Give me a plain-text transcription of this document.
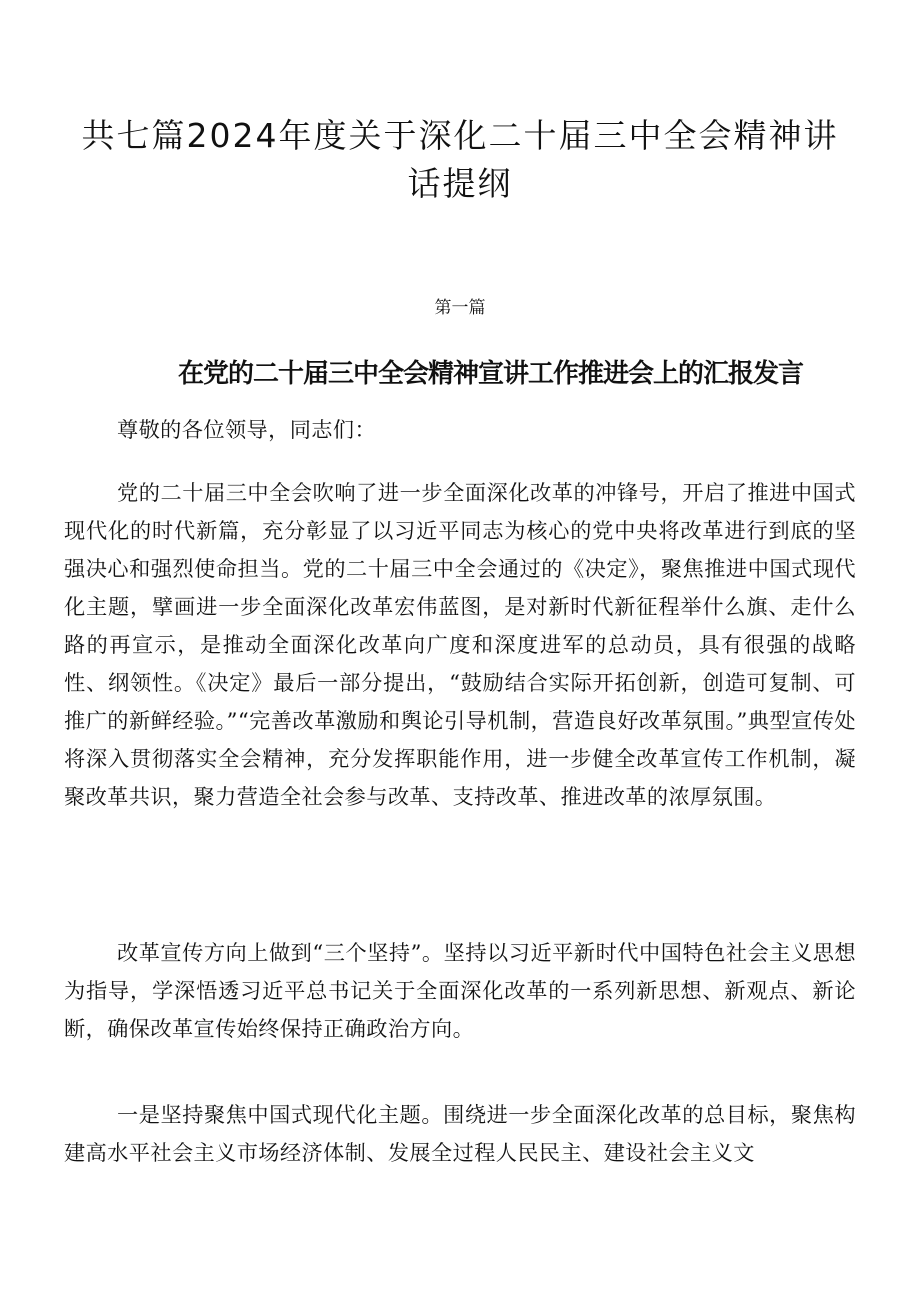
共七篇2024年度关于深化二十届三中全会精神讲话提纲

第一篇

在党的二十届三中全会精神宣讲工作推进会上的汇报发言

尊敬的各位领导，同志们：

党的二十届三中全会吹响了进一步全面深化改革的冲锋号，开启了推进中国式现代化的时代新篇，充分彰显了以习近平同志为核心的党中央将改革进行到底的坚强决心和强烈使命担当。党的二十届三中全会通过的《决定》，聚焦推进中国式现代化主题，擘画进一步全面深化改革宏伟蓝图，是对新时代新征程举什么旗、走什么路的再宣示，是推动全面深化改革向广度和深度进军的总动员，具有很强的战略性、纲领性。《决定》最后一部分提出，“鼓励结合实际开拓创新，创造可复制、可推广的新鲜经验。”“完善改革激励和舆论引导机制，营造良好改革氛围。”典型宣传处将深入贯彻落实全会精神，充分发挥职能作用，进一步健全改革宣传工作机制，凝聚改革共识，聚力营造全社会参与改革、支持改革、推进改革的浓厚氛围。

改革宣传方向上做到“三个坚持”。坚持以习近平新时代中国特色社会主义思想为指导，学深悟透习近平总书记关于全面深化改革的一系列新思想、新观点、新论断，确保改革宣传始终保持正确政治方向。

一是坚持聚焦中国式现代化主题。围绕进一步全面深化改革的总目标，聚焦构建高水平社会主义市场经济体制、发展全过程人民民主、建设社会主义文
